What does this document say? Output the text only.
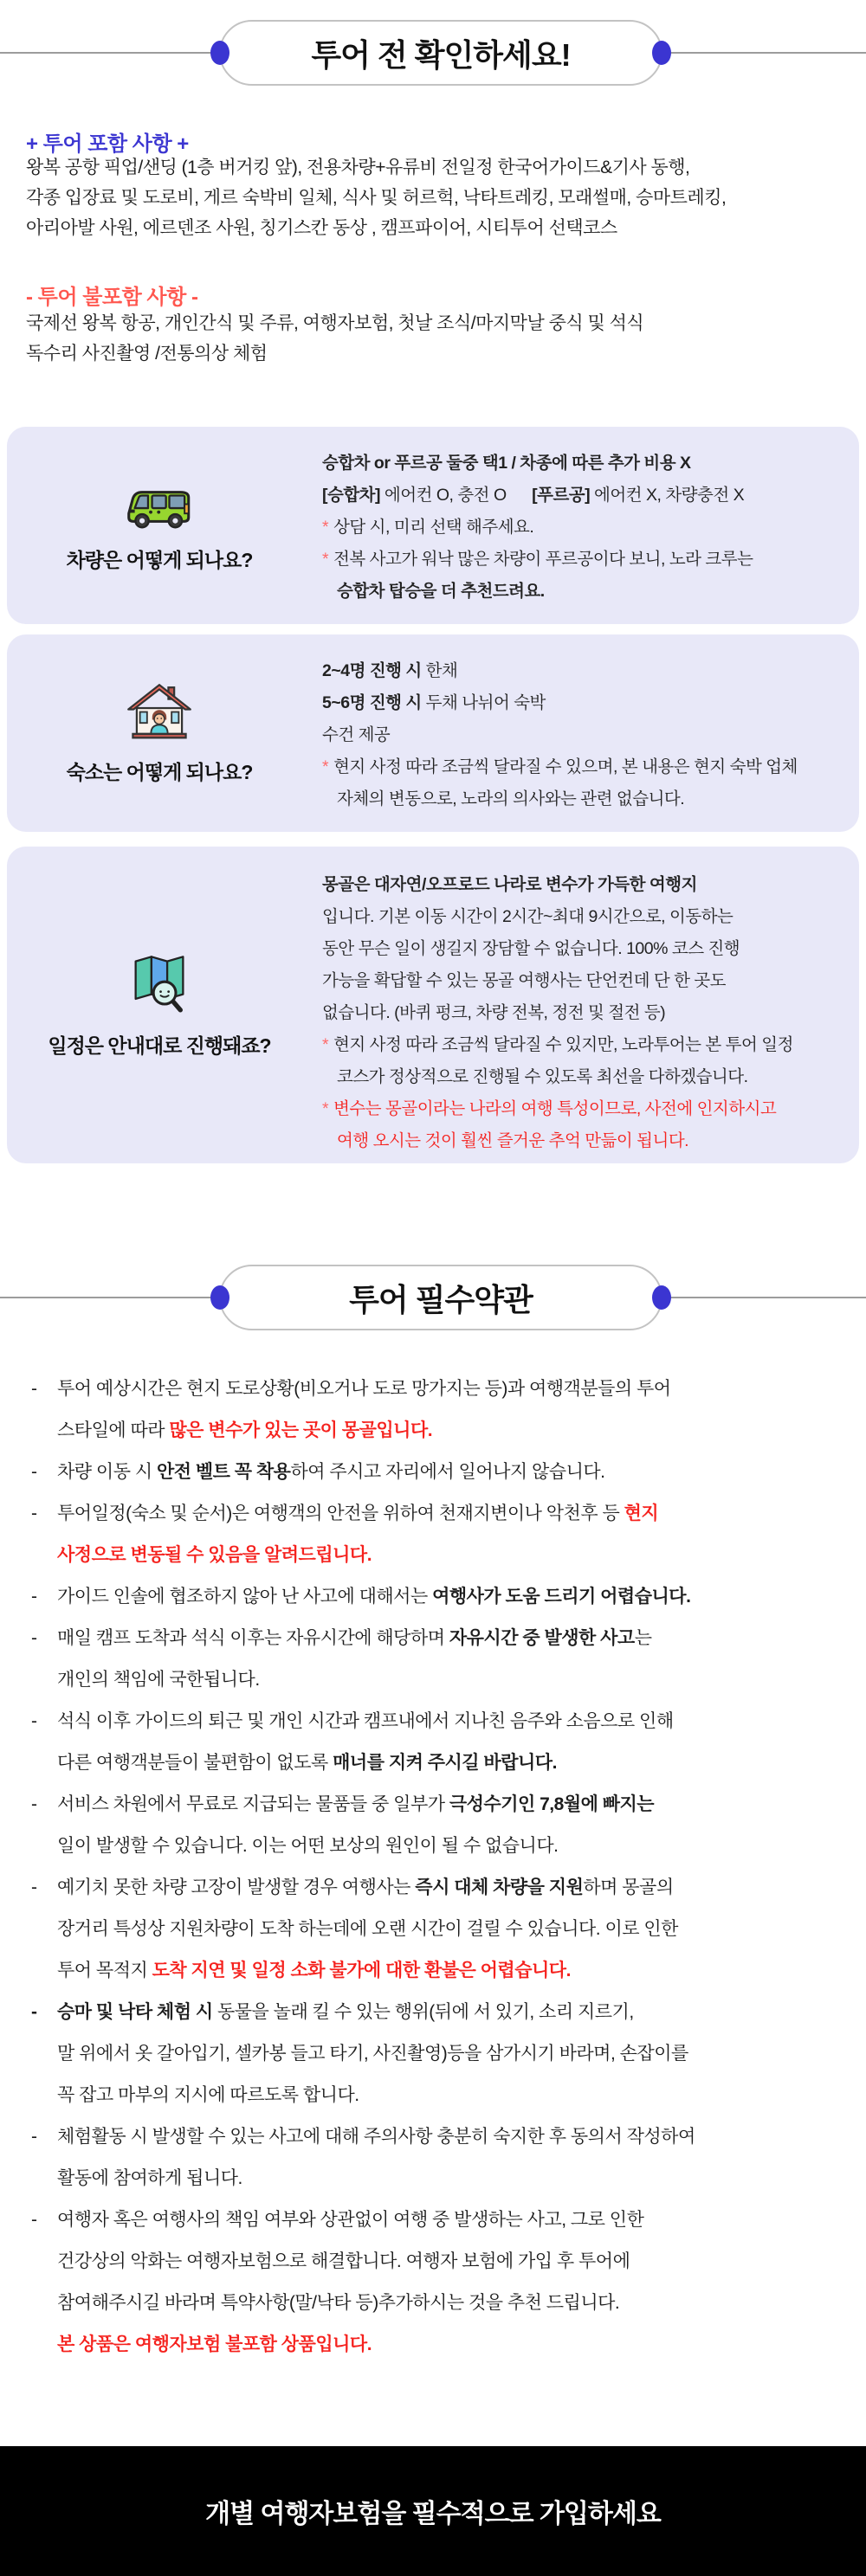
투어 전 확인하세요!
+ 투어 포함 사항 +
왕복 공항 픽업/샌딩 (1층 버거킹 앞), 전용차량+유류비 전일정 한국어가이드&기사 동행,
각종 입장료 및 도로비, 게르 숙박비 일체, 식사 및 허르헉, 낙타트레킹, 모래썰매, 승마트레킹,
아리아발 사원, 에르덴조 사원, 칭기스칸 동상 , 캠프파이어, 시티투어 선택코스
- 투어 불포함 사항 -
국제선 왕복 항공, 개인간식 및 주류, 여행자보험, 첫날 조식/마지막날 중식 및 석식
독수리 사진촬영 /전통의상 체험
차량은 어떻게 되나요?
승합차 or 푸르공 둘중 택1 / 차종에 따른 추가 비용 X
[승합차] 에어컨 O, 충전 O      [푸르공] 에어컨 X, 차량충전 X
* 상담 시, 미리 선택 해주세요.
* 전복 사고가 워낙 많은 차량이 푸르공이다 보니, 노라 크루는
승합차 탑승을 더 추천드려요.
숙소는 어떻게 되나요?
2~4명 진행 시 한채
5~6명 진행 시 두채 나뉘어 숙박
수건 제공
* 현지 사정 따라 조금씩 달라질 수 있으며, 본 내용은 현지 숙박 업체
자체의 변동으로, 노라의 의사와는 관련 없습니다.
일정은 안내대로 진행돼죠?
몽골은 대자연/오프로드 나라로 변수가 가득한 여행지
입니다. 기본 이동 시간이 2시간~최대 9시간으로, 이동하는
동안 무슨 일이 생길지 장담할 수 없습니다. 100% 코스 진행
가능을 확답할 수 있는 몽골 여행사는 단언컨데 단 한 곳도
없습니다. (바퀴 펑크, 차량 전복, 정전 및 절전 등)
* 현지 사정 따라 조금씩 달라질 수 있지만, 노라투어는 본 투어 일정
코스가 정상적으로 진행될 수 있도록 최선을 다하겠습니다.
* 변수는 몽골이라는 나라의 여행 특성이므로, 사전에 인지하시고
여행 오시는 것이 훨씬 즐거운 추억 만듦이 됩니다.
투어 필수약관
-	투어 예상시간은 현지 도로상황(비오거나 도로 망가지는 등)과 여행객분들의 투어
스타일에 따라 많은 변수가 있는 곳이 몽골입니다.
-	차량 이동 시 안전 벨트 꼭 착용하여 주시고 자리에서 일어나지 않습니다.
-	투어일정(숙소 및 순서)은 여행객의 안전을 위하여 천재지변이나 악천후 등 현지
사정으로 변동될 수 있음을 알려드립니다.
-	가이드 인솔에 협조하지 않아 난 사고에 대해서는 여행사가 도움 드리기 어렵습니다.
-	매일 캠프 도착과 석식 이후는 자유시간에 해당하며 자유시간 중 발생한 사고는
개인의 책임에 국한됩니다.
-	석식 이후 가이드의 퇴근 및 개인 시간과 캠프내에서 지나친 음주와 소음으로 인해
다른 여행객분들이 불편함이 없도록 매너를 지켜 주시길 바랍니다.
-	서비스 차원에서 무료로 지급되는 물품들 중 일부가 극성수기인 7,8월에 빠지는
일이 발생할 수 있습니다. 이는 어떤 보상의 원인이 될 수 없습니다.
-	예기치 못한 차량 고장이 발생할 경우 여행사는 즉시 대체 차량을 지원하며 몽골의
장거리 특성상 지원차량이 도착 하는데에 오랜 시간이 걸릴 수 있습니다. 이로 인한
투어 목적지 도착 지연 및 일정 소화 불가에 대한 환불은 어렵습니다.
-	승마 및 낙타 체험 시 동물을 놀래 킬 수 있는 행위(뒤에 서 있기, 소리 지르기,
말 위에서 옷 갈아입기, 셀카봉 들고 타기, 사진촬영)등을 삼가시기 바라며, 손잡이를
꼭 잡고 마부의 지시에 따르도록 합니다.
-	체험활동 시 발생할 수 있는 사고에 대해 주의사항 충분히 숙지한 후 동의서 작성하여
활동에 참여하게 됩니다.
-	여행자 혹은 여행사의 책임 여부와 상관없이 여행 중 발생하는 사고, 그로 인한
건강상의 악화는 여행자보험으로 해결합니다. 여행자 보험에 가입 후 투어에
참여해주시길 바라며 특약사항(말/낙타 등)추가하시는 것을 추천 드립니다.
본 상품은 여행자보험 불포함 상품입니다.
개별 여행자보험을 필수적으로 가입하세요
